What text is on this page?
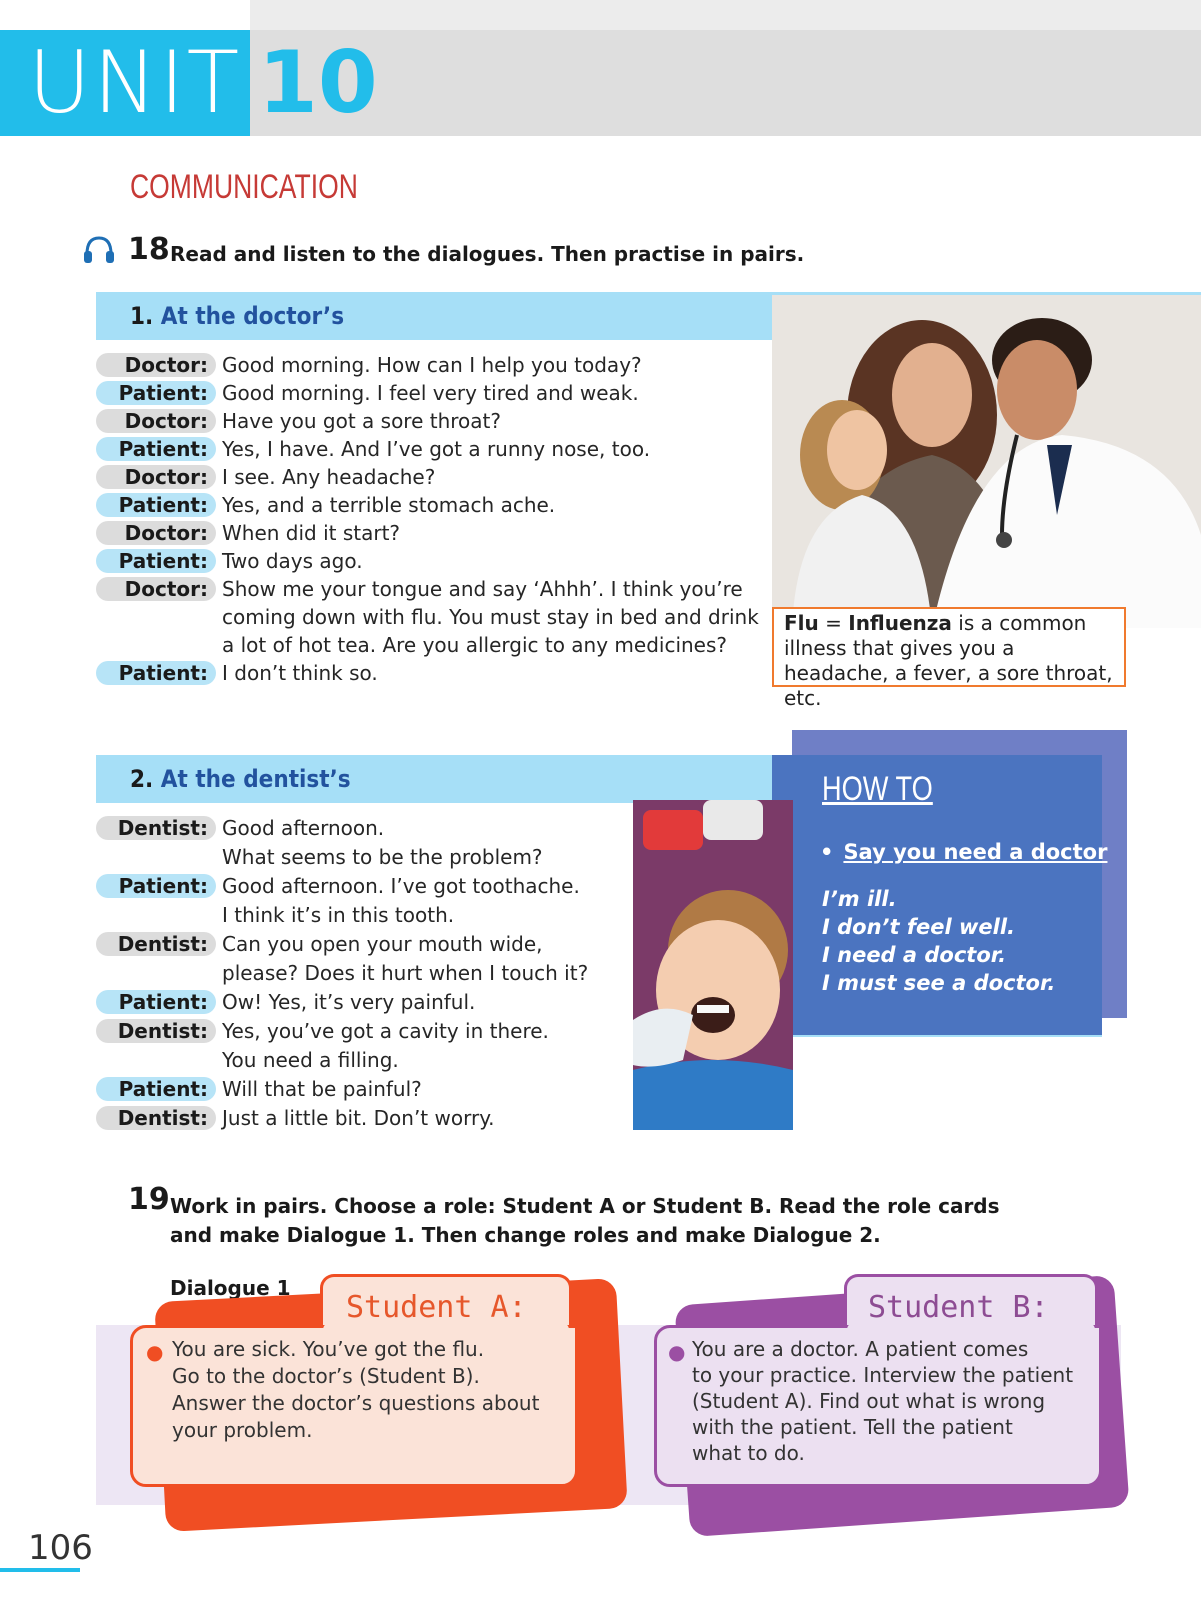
UNIT 10
COMMUNICATION
18 Read and listen to the dialogues. Then practise in pairs.
1. At the doctor’s
Doctor: Good morning. How can I help you today?
Patient: Good morning. I feel very tired and weak.
Doctor: Have you got a sore throat?
Patient: Yes, I have. And I’ve got a runny nose, too.
Doctor: I see. Any headache?
Patient: Yes, and a terrible stomach ache.
Doctor: When did it start?
Patient: Two days ago.
Doctor: Show me your tongue and say ‘Ahhh’. I think you’re
coming down with flu. You must stay in bed and drink
a lot of hot tea. Are you allergic to any medicines?
Patient: I don’t think so.
Flu = Influenza is a common illness that gives you a headache, a fever, a sore throat, etc.
HOW TO
• Say you need a doctor
I’m ill.
I don’t feel well.
I need a doctor.
I must see a doctor.
2. At the dentist’s
Dentist: Good afternoon.
What seems to be the problem?
Patient: Good afternoon. I’ve got toothache.
I think it’s in this tooth.
Dentist: Can you open your mouth wide,
please? Does it hurt when I touch it?
Patient: Ow! Yes, it’s very painful.
Dentist: Yes, you’ve got a cavity in there.
You need a filling.
Patient: Will that be painful?
Dentist: Just a little bit. Don’t worry.
19 Work in pairs. Choose a role: Student A or Student B. Read the role cards
and make Dialogue 1. Then change roles and make Dialogue 2.
Dialogue 1
Student A:
● You are sick. You’ve got the flu.
Go to the doctor’s (Student B).
Answer the doctor’s questions about
your problem.
Student B:
● You are a doctor. A patient comes
to your practice. Interview the patient
(Student A). Find out what is wrong
with the patient. Tell the patient
what to do.
106
